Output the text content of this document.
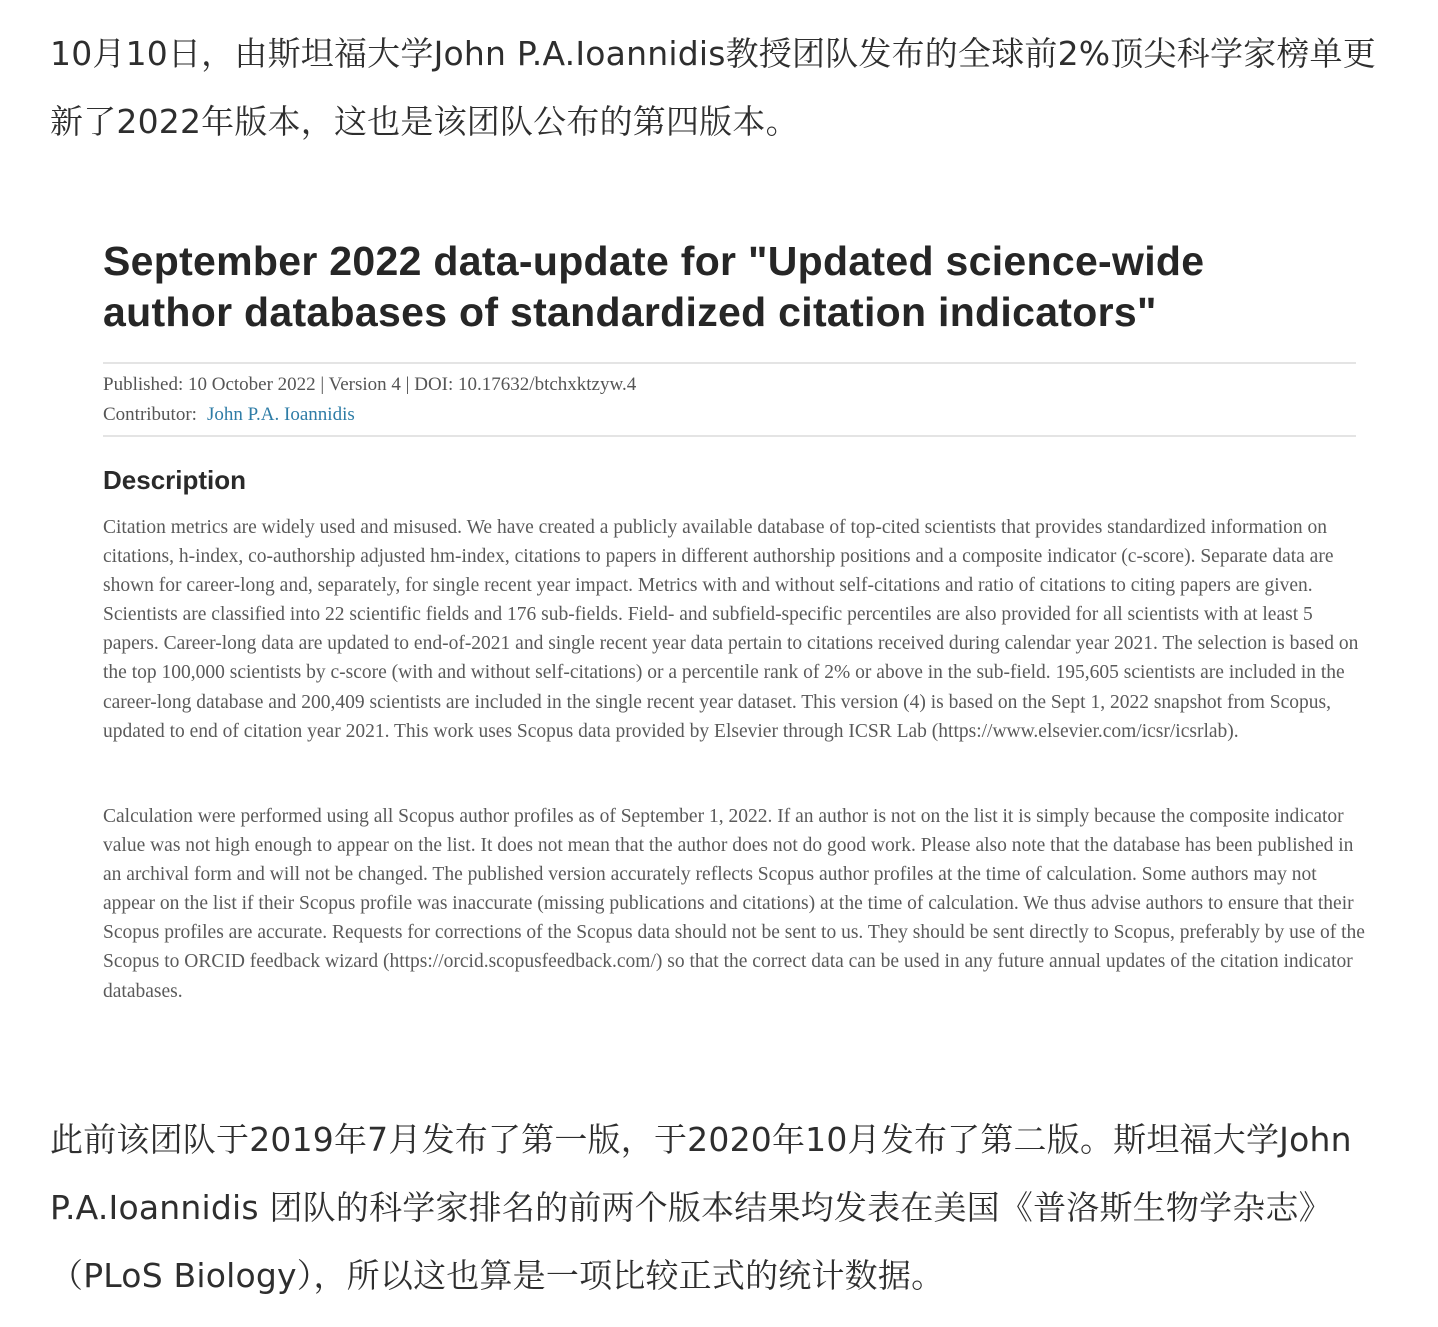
10月10日，由斯坦福大学John P.A.Ioannidis教授团队发布的全球前2%顶尖科学家榜单更新了2022年版本，这也是该团队公布的第四版本。

September 2022 data-update for "Updated science-wide author databases of standardized citation indicators"
Published: 10 October 2022 | Version 4 | DOI: 10.17632/btchxktzyw.4
Contributor: John P.A. Ioannidis
Description

Citation metrics are widely used and misused. We have created a publicly available database of top-cited scientists that provides standardized information on citations, h-index, co-authorship adjusted hm-index, citations to papers in different authorship positions and a composite indicator (c-score). Separate data are shown for career-long and, separately, for single recent year impact. Metrics with and without self-citations and ratio of citations to citing papers are given. Scientists are classified into 22 scientific fields and 176 sub-fields. Field- and subfield-specific percentiles are also provided for all scientists with at least 5 papers. Career-long data are updated to end-of-2021 and single recent year data pertain to citations received during calendar year 2021. The selection is based on the top 100,000 scientists by c-score (with and without self-citations) or a percentile rank of 2% or above in the sub-field. 195,605 scientists are included in the career-long database and 200,409 scientists are included in the single recent year dataset. This version (4) is based on the Sept 1, 2022 snapshot from Scopus, updated to end of citation year 2021. This work uses Scopus data provided by Elsevier through ICSR Lab (https://www.elsevier.com/icsr/icsrlab).

Calculation were performed using all Scopus author profiles as of September 1, 2022. If an author is not on the list it is simply because the composite indicator value was not high enough to appear on the list. It does not mean that the author does not do good work. Please also note that the database has been published in an archival form and will not be changed. The published version accurately reflects Scopus author profiles at the time of calculation. Some authors may not appear on the list if their Scopus profile was inaccurate (missing publications and citations) at the time of calculation. We thus advise authors to ensure that their Scopus profiles are accurate. Requests for corrections of the Scopus data should not be sent to us. They should be sent directly to Scopus, preferably by use of the Scopus to ORCID feedback wizard (https://orcid.scopusfeedback.com/) so that the correct data can be used in any future annual updates of the citation indicator databases.

此前该团队于2019年7月发布了第一版，于2020年10月发布了第二版。斯坦福大学John P.A.Ioannidis 团队的科学家排名的前两个版本结果均发表在美国《普洛斯生物学杂志》（PLoS Biology），所以这也算是一项比较正式的统计数据。
